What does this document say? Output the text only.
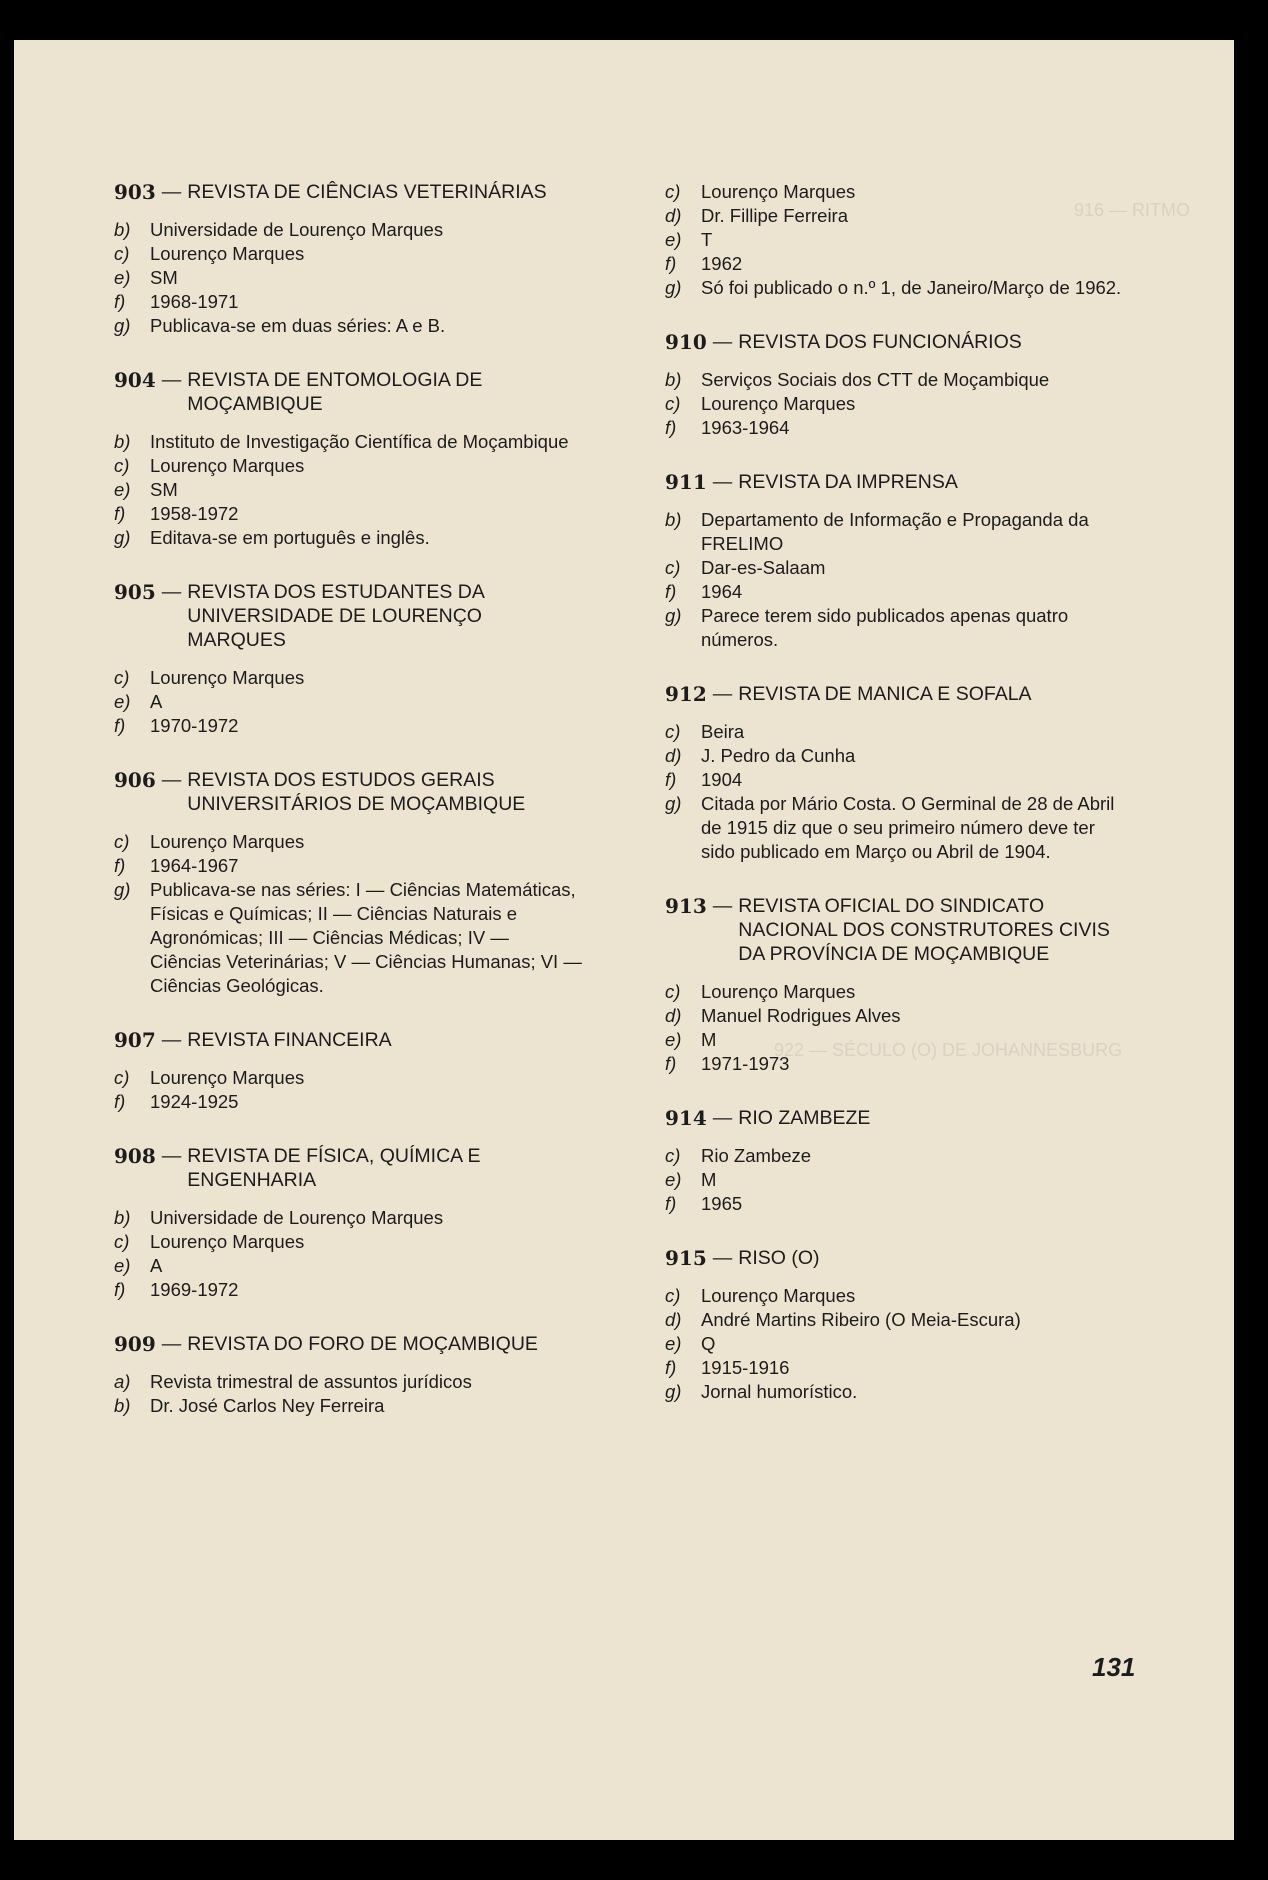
916 — RITMO
922 — SÉCULO (O) DE JOHANNESBURG
903 — REVISTA DE CIÊNCIAS VETERINÁRIAS
b)	Universidade de Lourenço Marques
c)	Lourenço Marques
e)	SM
f)	1968-1971
g)	Publicava-se em duas séries: A e B.
904 — REVISTA DE ENTOMOLOGIA DE MOÇAMBIQUE
b)	Instituto de Investigação Científica de Moçambique
c)	Lourenço Marques
e)	SM
f)	1958-1972
g)	Editava-se em português e inglês.
905 — REVISTA DOS ESTUDANTES DA UNIVERSIDADE DE LOURENÇO MARQUES
c)	Lourenço Marques
e)	A
f)	1970-1972
906 — REVISTA DOS ESTUDOS GERAIS UNIVERSITÁRIOS DE MOÇAMBIQUE
c)	Lourenço Marques
f)	1964-1967
g)	Publicava-se nas séries: I — Ciências Matemáticas, Físicas e Químicas; II — Ciências Naturais e Agronómicas; III — Ciências Médicas; IV — Ciências Veterinárias; V — Ciências Humanas; VI — Ciências Geológicas.
907 — REVISTA FINANCEIRA
c)	Lourenço Marques
f)	1924-1925
908 — REVISTA DE FÍSICA, QUÍMICA E ENGENHARIA
b)	Universidade de Lourenço Marques
c)	Lourenço Marques
e)	A
f)	1969-1972
909 — REVISTA DO FORO DE MOÇAMBIQUE
a)	Revista trimestral de assuntos jurídicos
b)	Dr. José Carlos Ney Ferreira
c)	Lourenço Marques
d)	Dr. Fillipe Ferreira
e)	T
f)	1962
g)	Só foi publicado o n.º 1, de Janeiro/Março de 1962.
910 — REVISTA DOS FUNCIONÁRIOS
b)	Serviços Sociais dos CTT de Moçambique
c)	Lourenço Marques
f)	1963-1964
911 — REVISTA DA IMPRENSA
b)	Departamento de Informação e Propaganda da FRELIMO
c)	Dar-es-Salaam
f)	1964
g)	Parece terem sido publicados apenas quatro números.
912 — REVISTA DE MANICA E SOFALA
c)	Beira
d)	J. Pedro da Cunha
f)	1904
g)	Citada por Mário Costa. O Germinal de 28 de Abril de 1915 diz que o seu primeiro número deve ter sido publicado em Março ou Abril de 1904.
913 — REVISTA OFICIAL DO SINDICATO NACIONAL DOS CONSTRUTORES CIVIS DA PROVÍNCIA DE MOÇAMBIQUE
c)	Lourenço Marques
d)	Manuel Rodrigues Alves
e)	M
f)	1971-1973
914 — RIO ZAMBEZE
c)	Rio Zambeze
e)	M
f)	1965
915 — RISO (O)
c)	Lourenço Marques
d)	André Martins Ribeiro (O Meia-Escura)
e)	Q
f)	1915-1916
g)	Jornal humorístico.
131
